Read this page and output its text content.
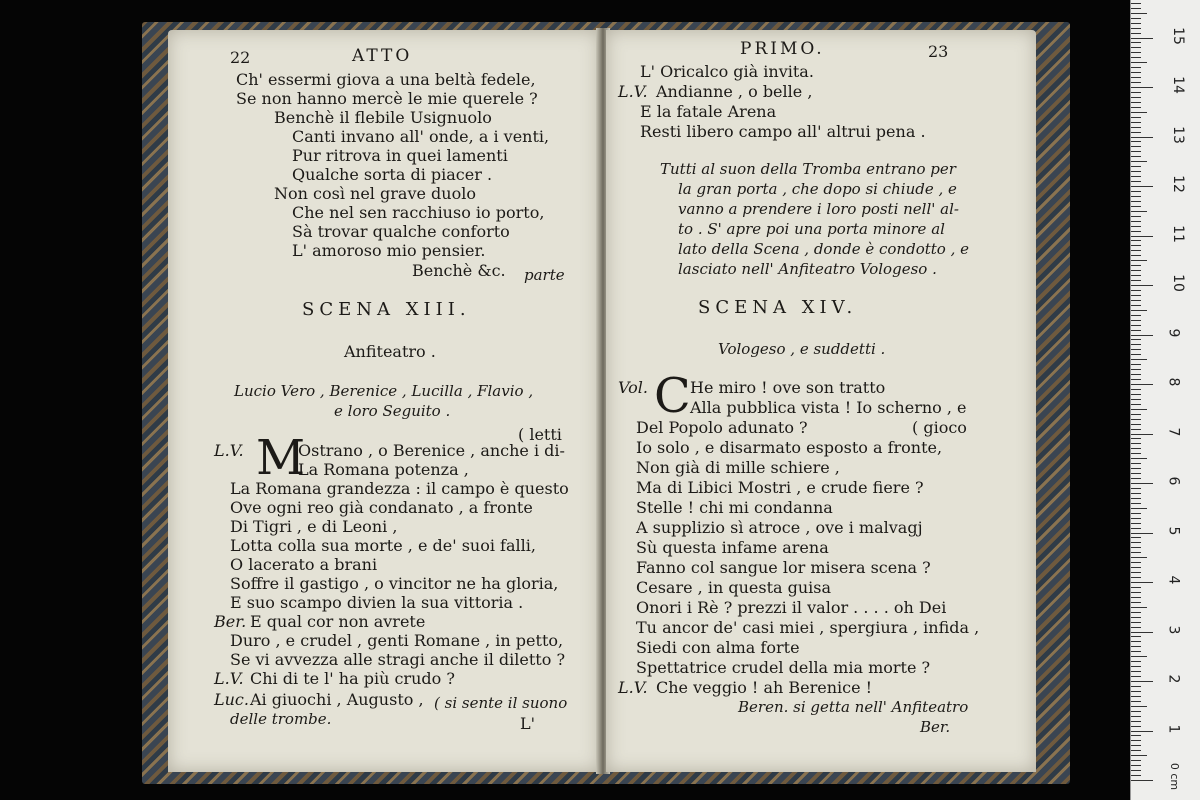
22	ATTO
Ch' essermi giova a una beltà fedele,
Se non hanno mercè le mie querele ?
Benchè il flebile Usignuolo
Canti invano all' onde, a i venti,
Pur ritrova in quei lamenti
Qualche sorta di piacer .
Non così nel grave duolo
Che nel sen racchiuso io porto,
Sà trovar qualche conforto
L' amoroso mio pensier.
Benchè &c. parte
SCENA XIII.
Anfiteatro .
Lucio Vero , Berenice , Lucilla , Flavio ,
e loro Seguito .
( letti
L.V. M
Ostrano , o Berenice , anche i di-
La Romana potenza ,
La Romana grandezza : il campo è questo
Ove ogni reo già condanato , a fronte
Di Tigri , e di Leoni ,
Lotta colla sua morte , e de' suoi falli,
O lacerato a brani
Soffre il gastigo , o vincitor ne ha gloria,
E suo scampo divien la sua vittoria .
Ber. E qual cor non avrete
Duro , e crudel , genti Romane , in petto,
Se vi avvezza alle stragi anche il diletto ?
L.V. Chi di te l' ha più crudo ?
Luc. Ai giuochi , Augusto , ( si sente il suono
delle trombe.	L'
PRIMO.	23
L' Oricalco già invita.
L.V. Andianne , o belle ,
E la fatale Arena
Resti libero campo all' altrui pena .
Tutti al suon della Tromba entrano per
la gran porta , che dopo si chiude , e
vanno a prendere i loro posti nell' al-
to . S' apre poi una porta minore al
lato della Scena , donde è condotto , e
lasciato nell' Anfiteatro Vologeso .
SCENA XIV.
Vologeso , e suddetti .
Vol. C He miro ! ove son tratto
Alla pubblica vista ! Io scherno , e
Del Popolo adunato ?	( gioco
Io solo , e disarmato esposto a fronte,
Non già di mille schiere ,
Ma di Libici Mostri , e crude fiere ?
Stelle ! chi mi condanna
A supplizio sì atroce , ove i malvagj
Sù questa infame arena
Fanno col sangue lor misera scena ?
Cesare , in questa guisa
Onori i Rè ? prezzi il valor . . . . oh Dei
Tu ancor de' casi miei , spergiura , infida ,
Siedi con alma forte
Spettatrice crudel della mia morte ?
L.V. Che veggio ! ah Berenice !
Beren. si getta nell' Anfiteatro
Ber.
0 cm
1
2
3
4
5
6
7
8
9
10
11
12
13
14
15
